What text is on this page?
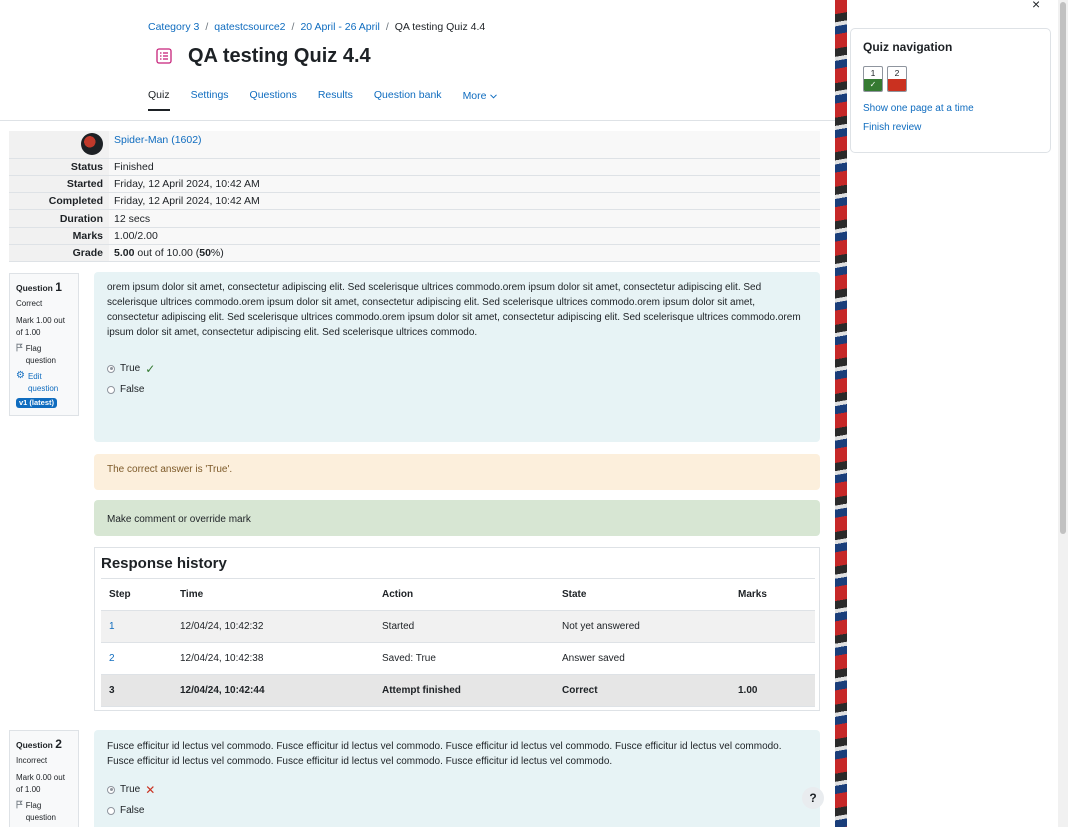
Category 3 / qatestcsource2 / 20 April - 26 April / QA testing Quiz 4.4
QA testing Quiz 4.4
Quiz Settings Questions Results Question bank More
	Spider-Man (1602)
Status	Finished
Started	Friday, 12 April 2024, 10:42 AM
Completed	Friday, 12 April 2024, 10:42 AM
Duration	12 secs
Marks	1.00/2.00
Grade	5.00 out of 10.00 (50%)
Question 1
Correct
Mark 1.00 out of 1.00
Flag question
⚙ Edit question
v1 (latest)
orem ipsum dolor sit amet, consectetur adipiscing elit. Sed scelerisque ultrices commodo.orem ipsum dolor sit amet, consectetur adipiscing elit. Sed scelerisque ultrices commodo.orem ipsum dolor sit amet, consectetur adipiscing elit. Sed scelerisque ultrices commodo.orem ipsum dolor sit amet, consectetur adipiscing elit. Sed scelerisque ultrices commodo.orem ipsum dolor sit amet, consectetur adipiscing elit. Sed scelerisque ultrices commodo.orem ipsum dolor sit amet, consectetur adipiscing elit. Sed scelerisque ultrices commodo.
True ✓
False
The correct answer is 'True'.
Make comment or override mark
Response history
Step	Time	Action	State	Marks
1	12/04/24, 10:42:32	Started	Not yet answered	
2	12/04/24, 10:42:38	Saved: True	Answer saved	
3	12/04/24, 10:42:44	Attempt finished	Correct	1.00
Question 2
Incorrect
Mark 0.00 out of 1.00
Flag question
Fusce efficitur id lectus vel commodo. Fusce efficitur id lectus vel commodo. Fusce efficitur id lectus vel commodo. Fusce efficitur id lectus vel commodo. Fusce efficitur id lectus vel commodo. Fusce efficitur id lectus vel commodo. Fusce efficitur id lectus vel commodo.
True ✕
False
?
×
Quiz navigation
1
✓
2
Show one page at a time
Finish review
